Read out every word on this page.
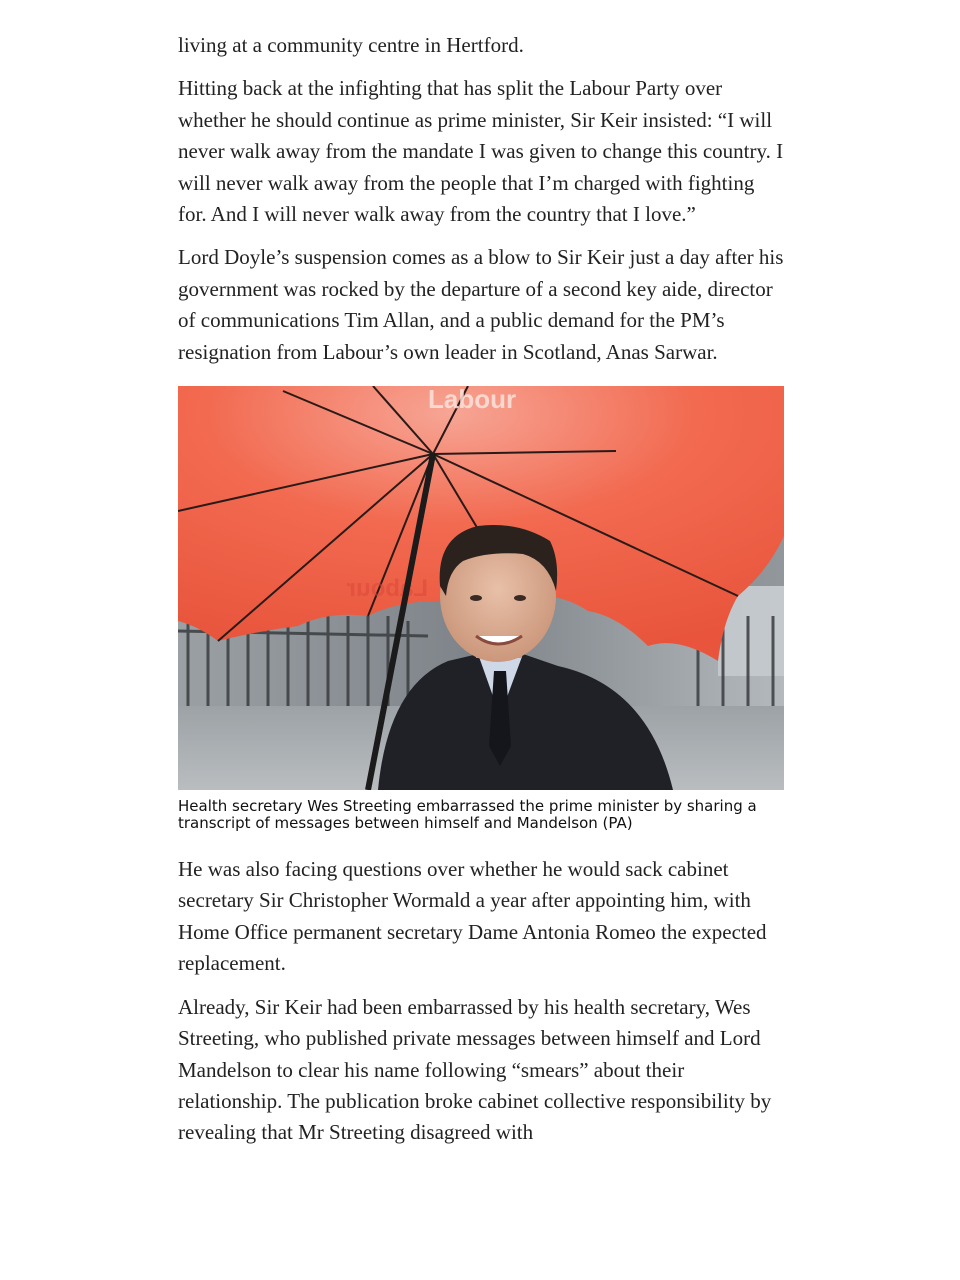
living at a community centre in Hertford.

Hitting back at the infighting that has split the Labour Party over whether he should continue as prime minister, Sir Keir insisted: “I will never walk away from the mandate I was given to change this country. I will never walk away from the people that I’m charged with fighting for. And I will never walk away from the country that I love.”

Lord Doyle’s suspension comes as a blow to Sir Keir just a day after his government was rocked by the departure of a second key aide, director of communications Tim Allan, and a public demand for the PM’s resignation from Labour’s own leader in Scotland, Anas Sarwar.

Labour
Labour

Health secretary Wes Streeting embarrassed the prime minister by sharing a transcript of messages between himself and Mandelson (PA)

He was also facing questions over whether he would sack cabinet secretary Sir Christopher Wormald a year after appointing him, with Home Office permanent secretary Dame Antonia Romeo the expected replacement.

Already, Sir Keir had been embarrassed by his health secretary, Wes Streeting, who published private messages between himself and Lord Mandelson to clear his name following “smears” about their relationship. The publication broke cabinet collective responsibility by revealing that Mr Streeting disagreed with
